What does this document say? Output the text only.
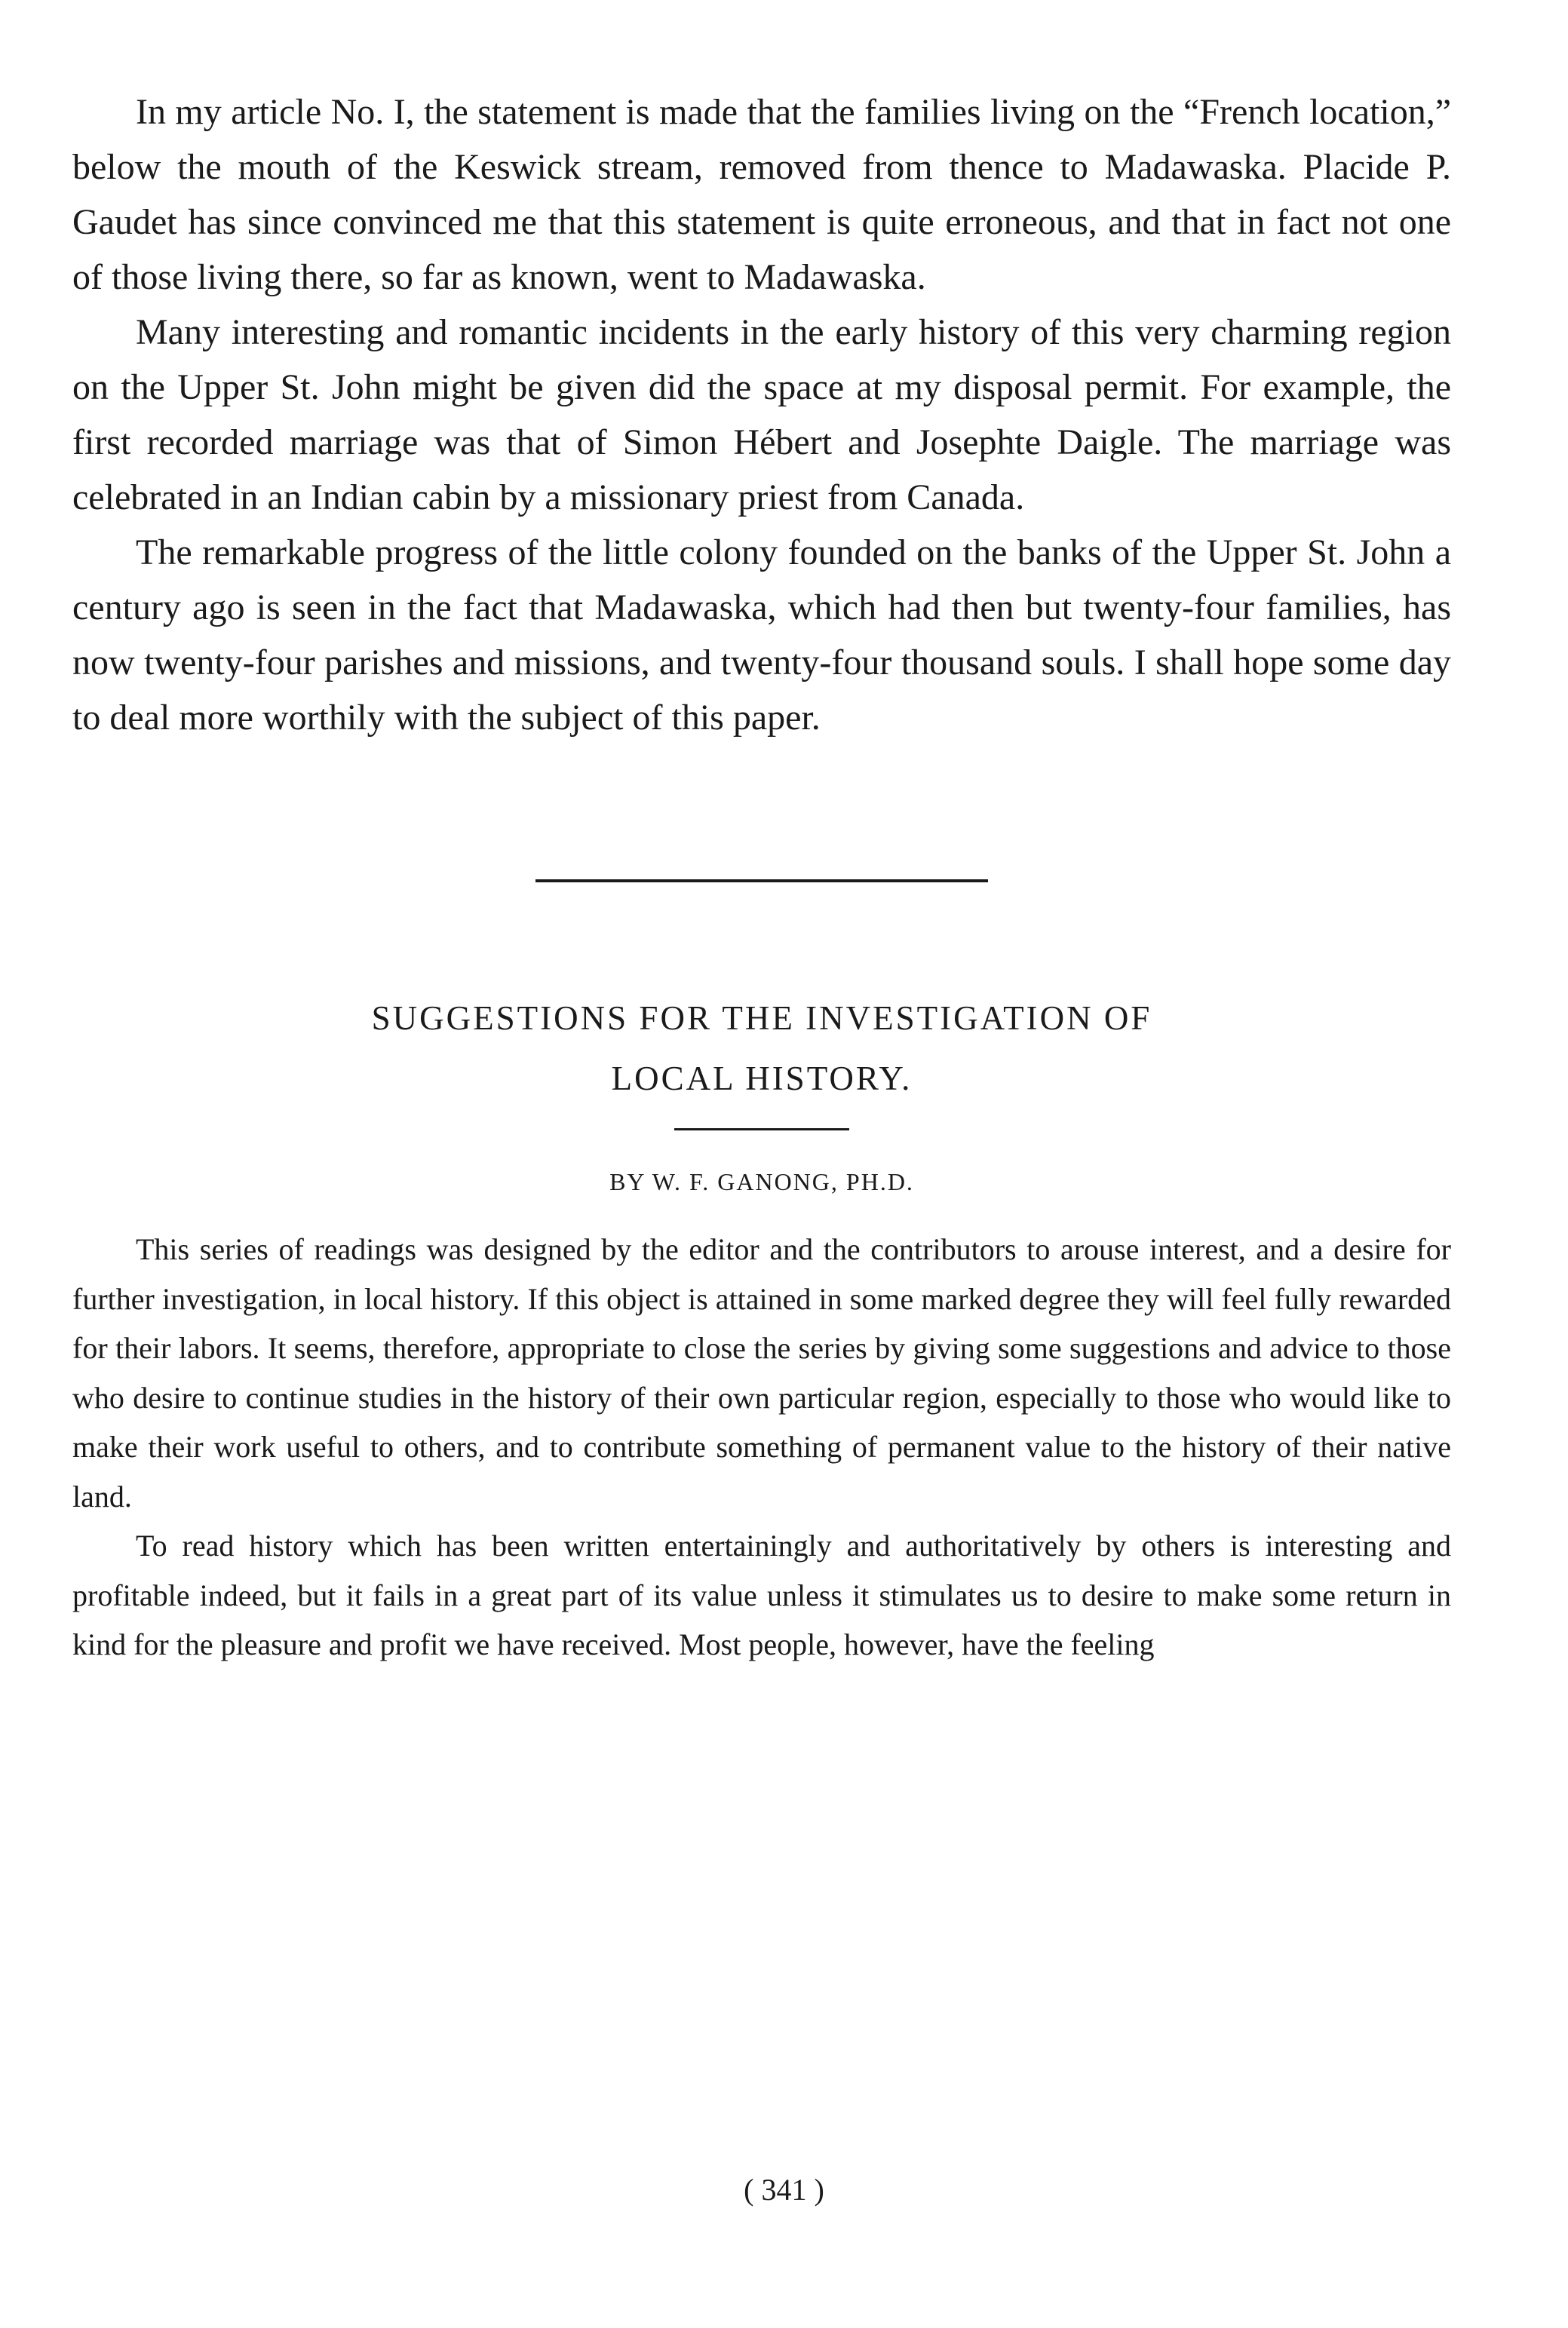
In my article No. I, the statement is made that the families living on the “French location,” below the mouth of the Keswick stream, removed from thence to Madawaska. Placide P. Gaudet has since convinced me that this statement is quite erroneous, and that in fact not one of those living there, so far as known, went to Madawaska.

Many interesting and romantic incidents in the early history of this very charming region on the Upper St. John might be given did the space at my disposal permit. For example, the first recorded marriage was that of Simon Hébert and Josephte Daigle. The marriage was celebrated in an Indian cabin by a missionary priest from Canada.

The remarkable progress of the little colony founded on the banks of the Upper St. John a century ago is seen in the fact that Madawaska, which had then but twenty-four families, has now twenty-four parishes and missions, and twenty-four thousand souls. I shall hope some day to deal more worthily with the subject of this paper.

SUGGESTIONS FOR THE INVESTIGATION OF
LOCAL HISTORY.
BY W. F. GANONG, PH.D.

This series of readings was designed by the editor and the contributors to arouse interest, and a desire for further investigation, in local history. If this object is attained in some marked degree they will feel fully rewarded for their labors. It seems, therefore, appropriate to close the series by giving some suggestions and advice to those who desire to continue studies in the history of their own particular region, especially to those who would like to make their work useful to others, and to contribute something of permanent value to the history of their native land.

To read history which has been written entertainingly and authoritatively by others is interesting and profitable indeed, but it fails in a great part of its value unless it stimulates us to desire to make some return in kind for the pleasure and profit we have received. Most people, however, have the feeling

( 341 )
